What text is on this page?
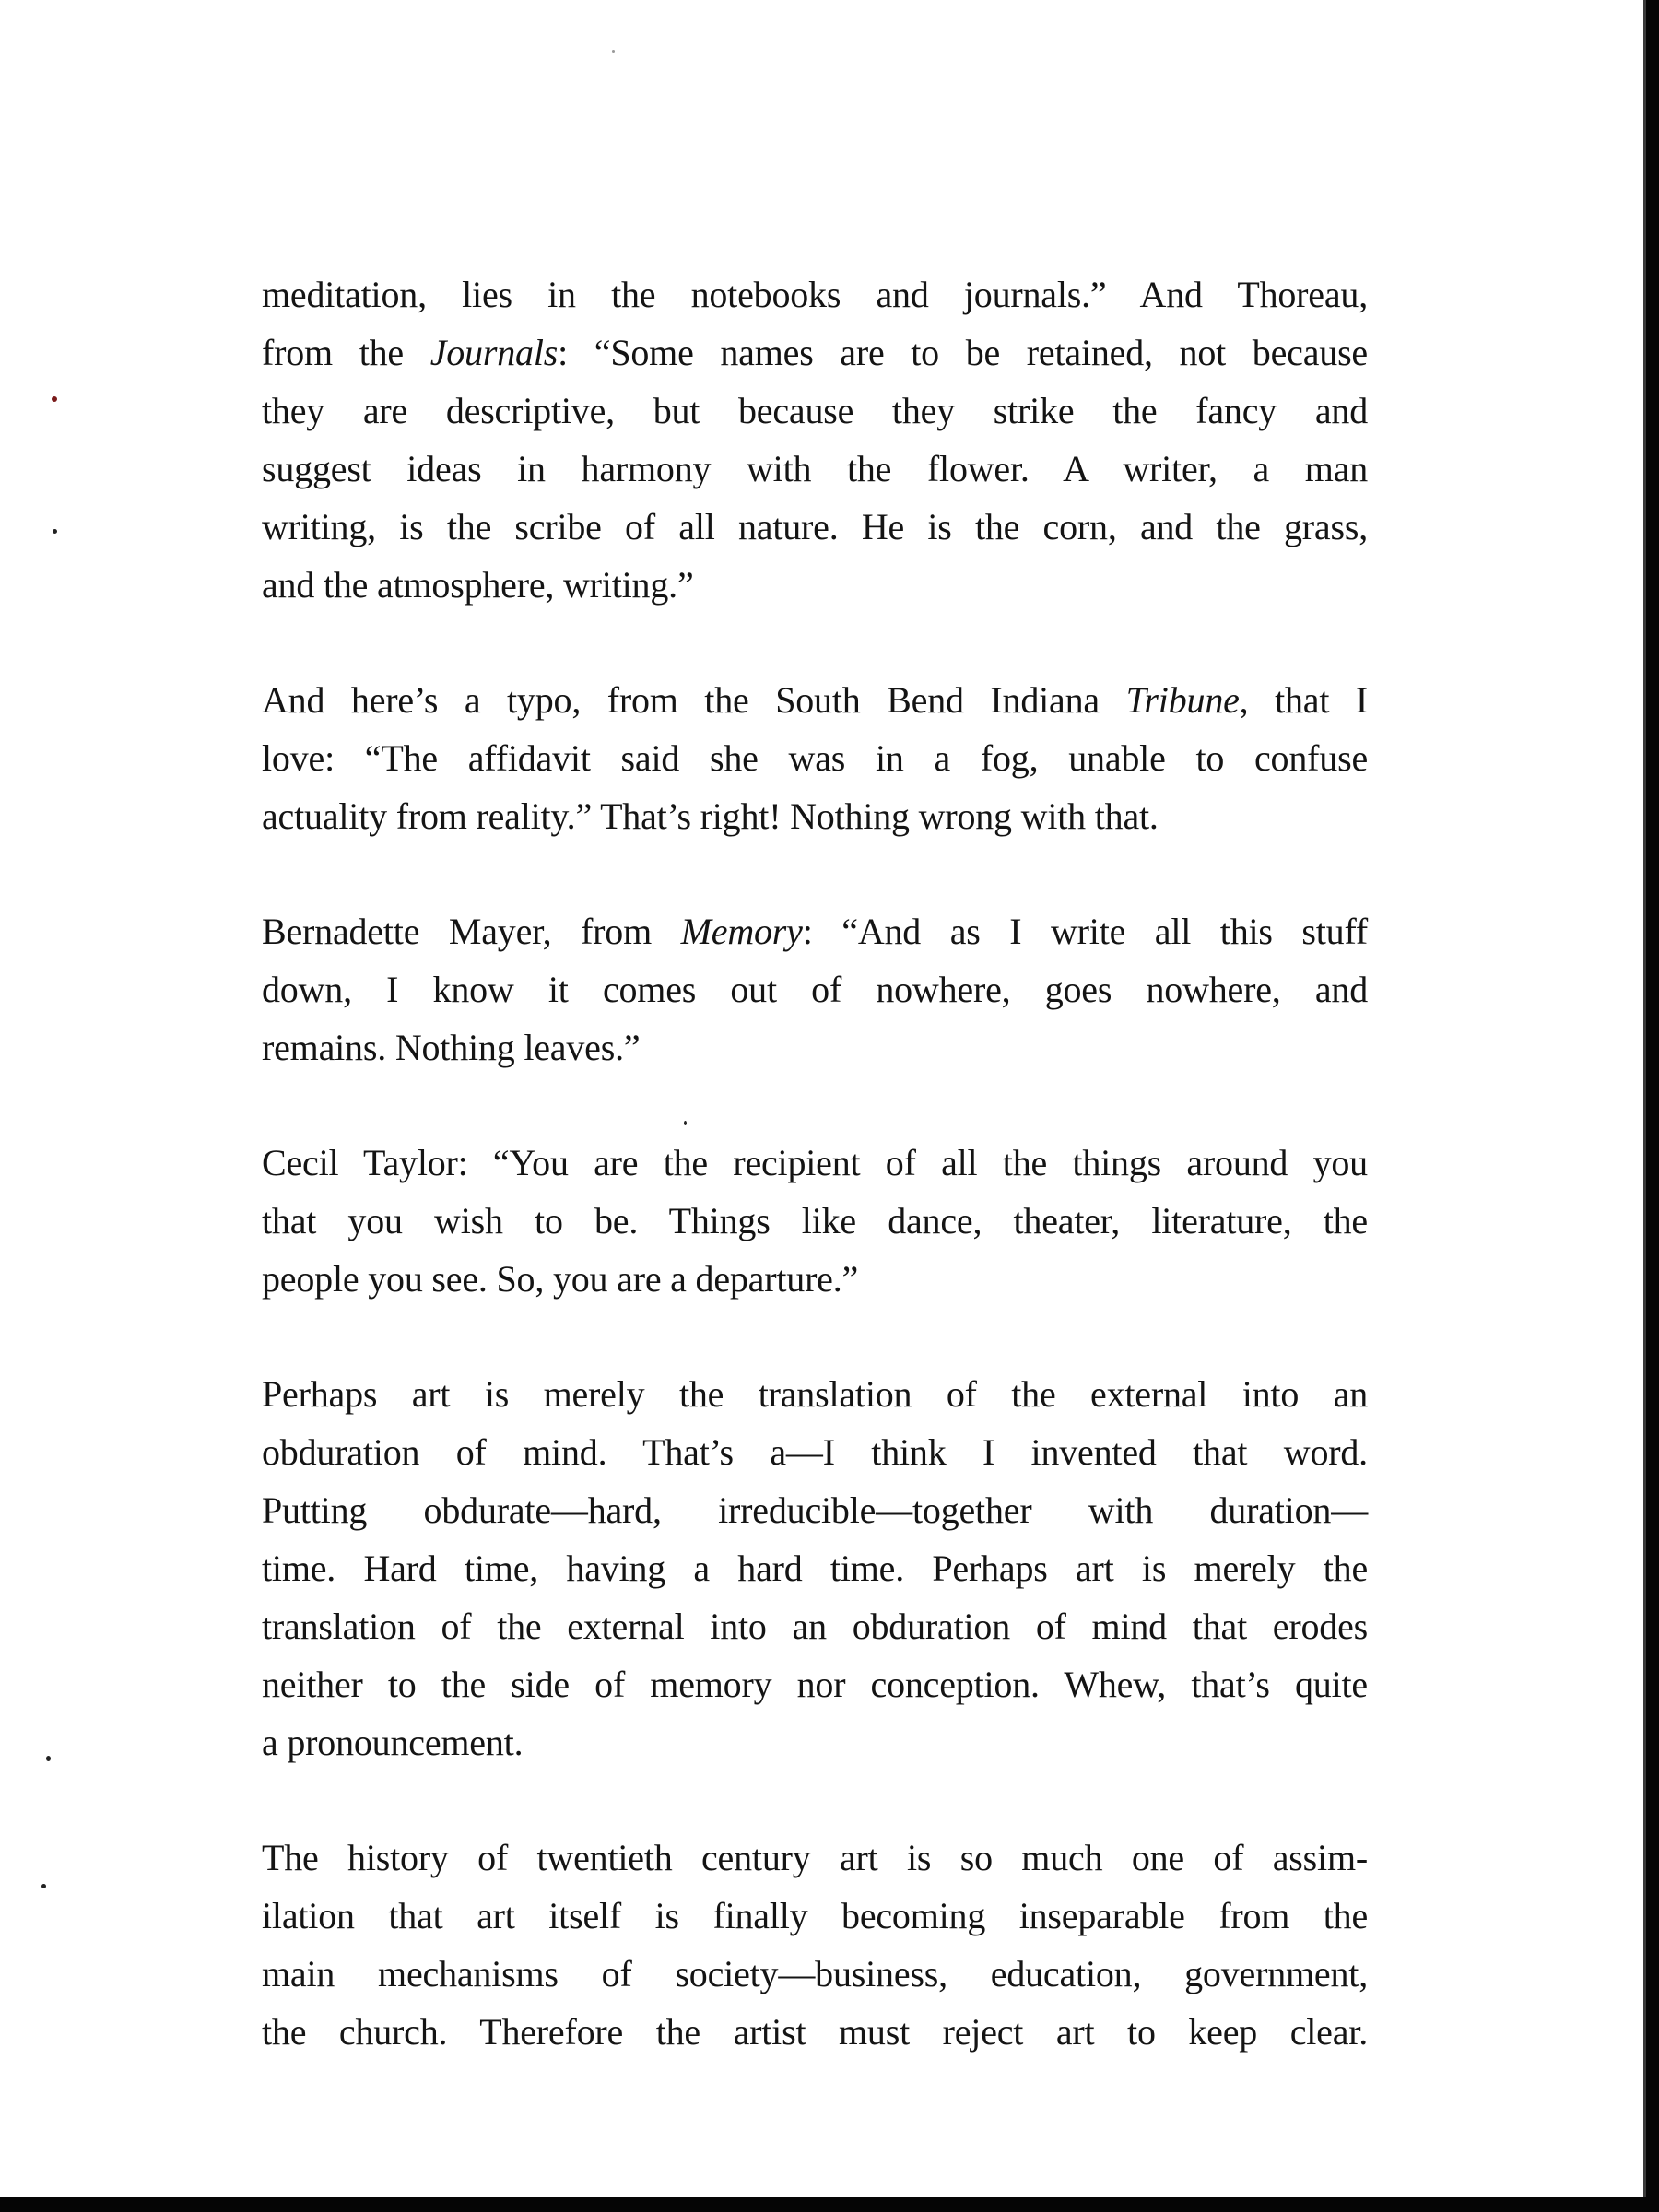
meditation, lies in the notebooks and journals.” And Thoreau,
from the Journals: “Some names are to be retained, not because
they are descriptive, but because they strike the fancy and
suggest ideas in harmony with the flower. A writer, a man
writing, is the scribe of all nature. He is the corn, and the grass,
and the atmosphere, writing.”

And here’s a typo, from the South Bend Indiana Tribune, that I
love: “The affidavit said she was in a fog, unable to confuse
actuality from reality.” That’s right! Nothing wrong with that.

Bernadette Mayer, from Memory: “And as I write all this stuff
down, I know it comes out of nowhere, goes nowhere, and
remains. Nothing leaves.”

Cecil Taylor: “You are the recipient of all the things around you
that you wish to be. Things like dance, theater, literature, the
people you see. So, you are a departure.”

Perhaps art is merely the translation of the external into an
obduration of mind. That’s a—I think I invented that word.
Putting obdurate—hard, irreducible—together with duration—
time. Hard time, having a hard time. Perhaps art is merely the
translation of the external into an obduration of mind that erodes
neither to the side of memory nor conception. Whew, that’s quite
a pronouncement.

The history of twentieth century art is so much one of assim-
ilation that art itself is finally becoming inseparable from the
main mechanisms of society—business, education, government,
the church. Therefore the artist must reject art to keep clear.
